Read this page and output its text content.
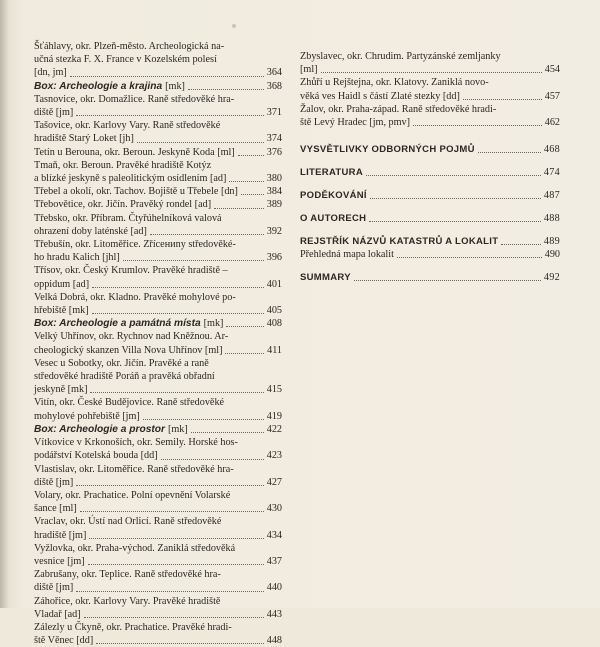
Šťáhlavy, okr. Plzeň-město. Archeologická na-
učná stezka F. X. France v Kozelském polesí
[dn, jm]	364
Box: Archeologie a krajina [mk]	368
Tasnovice, okr. Domažlice. Raně středověké hra-
diště [jm]	371
Tašovice, okr. Karlovy Vary. Raně středověké
hradiště Starý Loket [jh]	374
Tetín u Berouna, okr. Beroun. Jeskyně Koda [ml]	376
Tmaň, okr. Beroun. Pravěké hradiště Kotýz
a blízké jeskyně s paleolitickým osídlením [ad]	380
Třebel a okolí, okr. Tachov. Bojiště u Třebele [dn]	384
Třebovětice, okr. Jičín. Pravěký rondel [ad]	389
Třebsko, okr. Příbram. Čtyřúhelníková valová
ohrazení doby laténské [ad]	392
Třebušín, okr. Litoměřice. Zřícениny středověké-
ho hradu Kalich [jhl]	396
Třísov, okr. Český Krumlov. Pravěké hradiště –
oppidum [ad]	401
Velká Dobrá, okr. Kladno. Pravěké mohylové po-
hřebiště [mk]	405
Box: Archeologie a památná místa [mk]	408
Velký Uhřínov, okr. Rychnov nad Kněžnou. Ar-
cheologický skanzen Villa Nova Uhřínov [ml]	411
Vesec u Sobotky, okr. Jičín. Pravěké a raně
středověké hradiště Poráň a pravěká obřadní
jeskyně [mk]	415
Vitín, okr. České Budějovice. Raně středověké
mohylové pohřebiště [jm]	419
Box: Archeologie a prostor [mk]	422
Vítkovice v Krkonoších, okr. Semily. Horské hos-
podářství Kotelská bouda [dd]	423
Vlastislav, okr. Litoměřice. Raně středověké hra-
diště [jm]	427
Volary, okr. Prachatice. Polní opevnění Volarské
šance [ml]	430
Vraclav, okr. Ústí nad Orlicí. Raně středověké
hradiště [jm]	434
Vyžlovka, okr. Praha-východ. Zaniklá středověká
vesnice [jm]	437
Zabrušany, okr. Teplice. Raně středověké hra-
diště [jm]	440
Záhořice, okr. Karlovy Vary. Pravěké hradiště
Vladař [ad]	443
Zálezly u Čkyně, okr. Prachatice. Pravěké hradi-
ště Věnec [dd]	448
Zbyslavec, okr. Chrudim. Partyzánské zemljanky
[ml]	454
Zhůří u Rejštejna, okr. Klatovy. Zaniklá novo-
věká ves Haidl s částí Zlaté stezky [dd]	457
Žalov, okr. Praha-západ. Raně středověké hradi-
ště Levý Hradec [jm, pmv]	462
VYSVĚTLIVKY ODBORNÝCH POJMŮ	468
LITERATURA	474
PODĚKOVÁNÍ	487
O AUTORECH	488
REJSTŘÍK NÁZVŮ KATASTRŮ A LOKALIT	489
Přehledná mapa lokalit	490
SUMMARY	492
